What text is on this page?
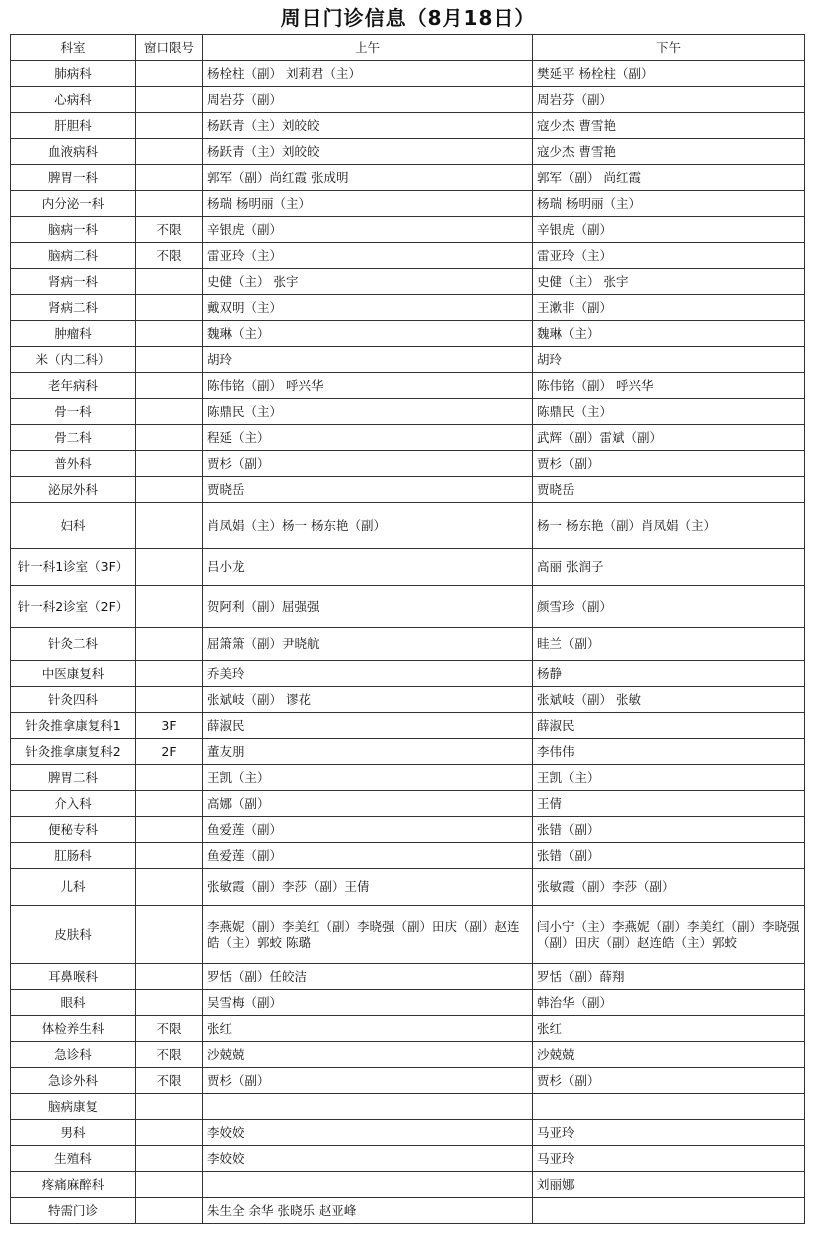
周日门诊信息（8月18日）
科室	窗口限号	上午	下午
肺病科		杨栓柱（副） 刘莉君（主）	樊延平 杨栓柱（副）
心病科		周岩芬（副）	周岩芬（副）
肝胆科		杨跃青（主）刘皎皎	寇少杰 曹雪艳
血液病科		杨跃青（主）刘皎皎	寇少杰 曹雪艳
脾胃一科		郭军（副）尚红霞 张成明	郭军（副） 尚红霞
内分泌一科		杨瑞 杨明丽（主）	杨瑞 杨明丽（主）
脑病一科	不限	辛银虎（副）	辛银虎（副）
脑病二科	不限	雷亚玲（主）	雷亚玲（主）
肾病一科		史健（主） 张宇	史健（主） 张宇
肾病二科		戴双明（主）	王漱非（副）
肿瘤科		魏琳（主）	魏琳（主）
米（内二科）		胡玲	胡玲
老年病科		陈伟铭（副） 呼兴华	陈伟铭（副） 呼兴华
骨一科		陈鼎民（主）	陈鼎民（主）
骨二科		程延（主）	武辉（副）雷斌（副）
普外科		贾杉（副）	贾杉（副）
泌尿外科		贾晓岳	贾晓岳
妇科		肖凤娟（主）杨一 杨东艳（副）	杨一 杨东艳（副）肖凤娟（主）
针一科1诊室（3F）		吕小龙	高丽 张润子
针一科2诊室（2F）		贺阿利（副）屈强强	颜雪珍（副）
针灸二科		屈箫箫（副）尹晓航	眭兰（副）
中医康复科		乔美玲	杨静
针灸四科		张斌岐（副） 谬花	张斌岐（副） 张敏
针灸推拿康复科1	3F	薛淑民	薛淑民
针灸推拿康复科2	2F	董友朋	李伟伟
脾胃二科		王凯（主）	王凯（主）
介入科		高娜（副）	王倩
便秘专科		鱼爱莲（副）	张错（副）
肛肠科		鱼爱莲（副）	张错（副）
儿科		张敏霞（副）李莎（副）王倩	张敏霞（副）李莎（副）
皮肤科		李燕妮（副）李美红（副）李晓强（副）田庆（副）赵连皓（主）郭蛟 陈璐	闫小宁（主）李燕妮（副）李美红（副）李晓强（副）田庆（副）赵连皓（主）郭蛟
耳鼻喉科		罗恬（副）任皎洁	罗恬（副）薛翔
眼科		吴雪梅（副）	韩治华（副）
体检养生科	不限	张红	张红
急诊科	不限	沙兢兢	沙兢兢
急诊外科	不限	贾杉（副）	贾杉（副）
脑病康复			
男科		李姣姣	马亚玲
生殖科		李姣姣	马亚玲
疼痛麻醉科			刘丽娜
特需门诊		朱生全 余华 张晓乐 赵亚峰	
